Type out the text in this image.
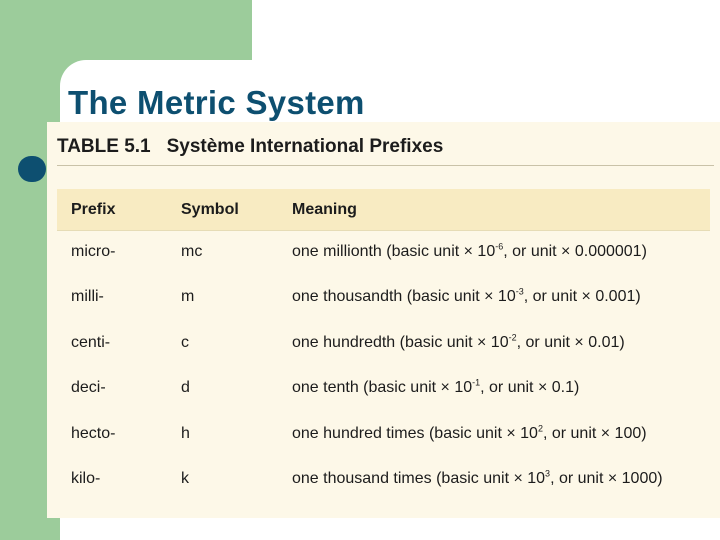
The Metric System
TABLE 5.1 Système International Prefixes
Prefix	Symbol	Meaning
micro-	mc	one millionth (basic unit × $10^{-6}$, or unit × 0.000001)
milli-	m	one thousandth (basic unit × $10^{-3}$, or unit × 0.001)
centi-	c	one hundredth (basic unit × $10^{-2}$, or unit × 0.01)
deci-	d	one tenth (basic unit × $10^{-1}$, or unit × 0.1)
hecto-	h	one hundred times (basic unit × $10^2$, or unit × 100)
kilo-	k	one thousand times (basic unit × $10^3$, or unit × 1000)
